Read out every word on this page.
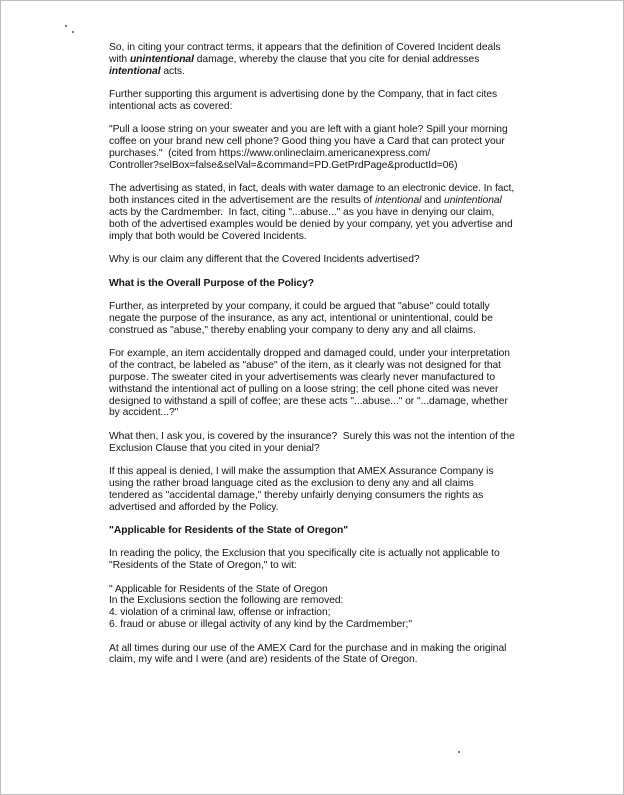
So, in citing your contract terms, it appears that the definition of Covered Incident deals
with unintentional damage, whereby the clause that you cite for denial addresses
intentional acts.
Further supporting this argument is advertising done by the Company, that in fact cites
intentional acts as covered:
"Pull a loose string on your sweater and you are left with a giant hole? Spill your morning
coffee on your brand new cell phone? Good thing you have a Card that can protect your
purchases."  (cited from https://www.onlineclaim.americanexpress.com/
Controller?selBox=false&selVal=&command=PD.GetPrdPage&productId=06)
The advertising as stated, in fact, deals with water damage to an electronic device. In fact,
both instances cited in the advertisement are the results of intentional and unintentional
acts by the Cardmember.  In fact, citing "...abuse..." as you have in denying our claim,
both of the advertised examples would be denied by your company, yet you advertise and
imply that both would be Covered Incidents.
Why is our claim any different that the Covered Incidents advertised?
What is the Overall Purpose of the Policy?
Further, as interpreted by your company, it could be argued that "abuse" could totally
negate the purpose of the insurance, as any act, intentional or unintentional, could be
construed as "abuse," thereby enabling your company to deny any and all claims.
For example, an item accidentally dropped and damaged could, under your interpretation
of the contract, be labeled as "abuse" of the item, as it clearly was not designed for that
purpose. The sweater cited in your advertisements was clearly never manufactured to
withstand the intentional act of pulling on a loose string; the cell phone cited was never
designed to withstand a spill of coffee; are these acts "...abuse..." or "...damage, whether
by accident...?"
What then, I ask you, is covered by the insurance?  Surely this was not the intention of the
Exclusion Clause that you cited in your denial?
If this appeal is denied, I will make the assumption that AMEX Assurance Company is
using the rather broad language cited as the exclusion to deny any and all claims
tendered as "accidental damage," thereby unfairly denying consumers the rights as
advertised and afforded by the Policy.
"Applicable for Residents of the State of Oregon"
In reading the policy, the Exclusion that you specifically cite is actually not applicable to
"Residents of the State of Oregon," to wit:
" Applicable for Residents of the State of Oregon
In the Exclusions section the following are removed:
4. violation of a criminal law, offense or infraction;
6. fraud or abuse or illegal activity of any kind by the Cardmember;"
At all times during our use of the AMEX Card for the purchase and in making the original
claim, my wife and I were (and are) residents of the State of Oregon.
